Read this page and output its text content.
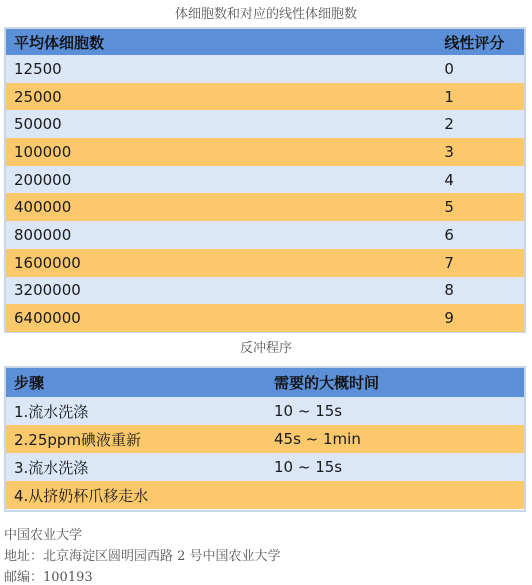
体细胞数和对应的线性体细胞数
平均体细胞数	线性评分
12500	0
25000	1
50000	2
100000	3
200000	4
400000	5
800000	6
1600000	7
3200000	8
6400000	9
反冲程序
步骤	需要的大概时间
1.流水洗涤	10 ~ 15s
2.25ppm碘液重新	45s ~ 1min
3.流水洗涤	10 ~ 15s
4.从挤奶杯爪移走水
中国农业大学
地址：北京海淀区圆明园西路 2 号中国农业大学
邮编：100193
